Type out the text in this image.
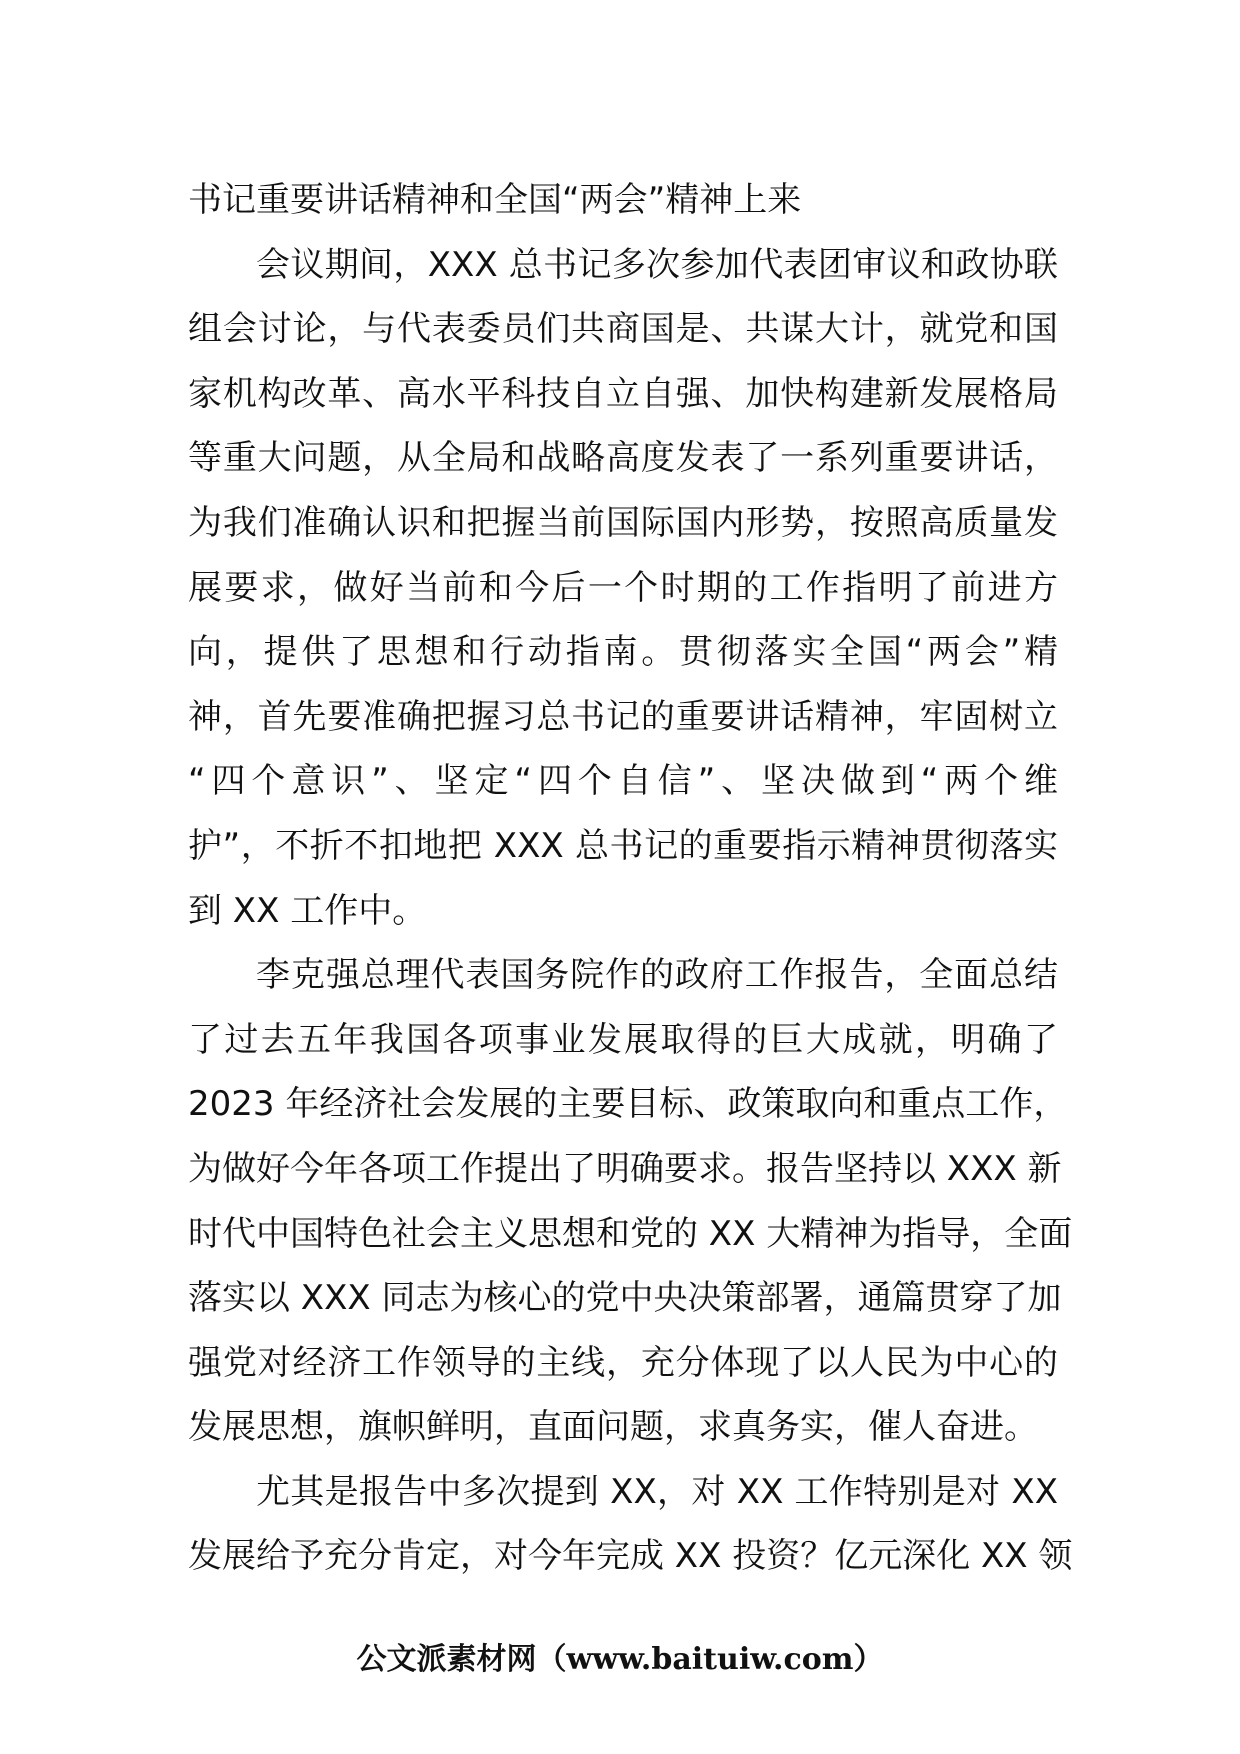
书记重要讲话精神和全国“两会”精神上来

会议期间，XXX 总书记多次参加代表团审议和政协联

组会讨论，与代表委员们共商国是、共谋大计，就党和国

家机构改革、高水平科技自立自强、加快构建新发展格局

等重大问题，从全局和战略高度发表了一系列重要讲话，

为我们准确认识和把握当前国际国内形势，按照高质量发

展要求，做好当前和今后一个时期的工作指明了前进方

向，提供了思想和行动指南。贯彻落实全国“两会”精

神，首先要准确把握习总书记的重要讲话精神，牢固树立

“四个意识”、坚定“四个自信”、坚决做到“两个维

护”，不折不扣地把 XXX 总书记的重要指示精神贯彻落实

到 XX 工作中。

李克强总理代表国务院作的政府工作报告，全面总结

了过去五年我国各项事业发展取得的巨大成就，明确了

2023 年经济社会发展的主要目标、政策取向和重点工作，

为做好今年各项工作提出了明确要求。报告坚持以 XXX 新

时代中国特色社会主义思想和党的 XX 大精神为指导，全面

落实以 XXX 同志为核心的党中央决策部署，通篇贯穿了加

强党对经济工作领导的主线，充分体现了以人民为中心的

发展思想，旗帜鲜明，直面问题，求真务实，催人奋进。

尤其是报告中多次提到 XX，对 XX 工作特别是对 XX

发展给予充分肯定，对今年完成 XX 投资？亿元深化 XX 领

公文派素材网（www.baituiw.com）
